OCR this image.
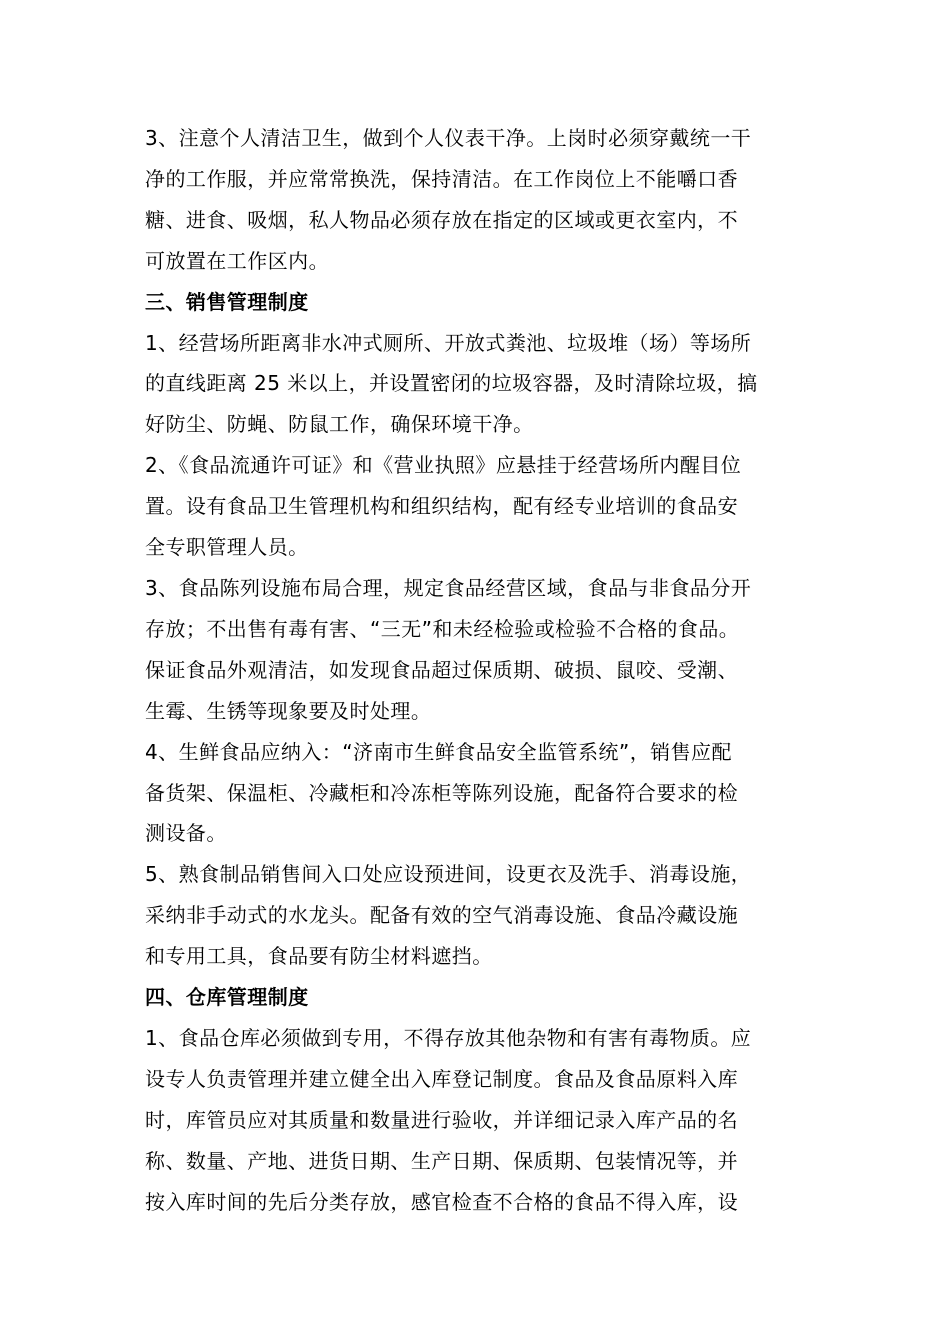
3、注意个人清洁卫生，做到个人仪表干净。上岗时必须穿戴统一干
净的工作服，并应常常换洗，保持清洁。在工作岗位上不能嚼口香
糖、进食、吸烟，私人物品必须存放在指定的区域或更衣室内，不
可放置在工作区内。

三、销售管理制度

1、经营场所距离非水冲式厕所、开放式粪池、垃圾堆（场）等场所
的直线距离 25 米以上，并设置密闭的垃圾容器，及时清除垃圾，搞
好防尘、防蝇、防鼠工作，确保环境干净。

2、《食品流通许可证》和《营业执照》应悬挂于经营场所内醒目位
置。设有食品卫生管理机构和组织结构，配有经专业培训的食品安
全专职管理人员。

3、食品陈列设施布局合理，规定食品经营区域，食品与非食品分开
存放；不出售有毒有害、“三无”和未经检验或检验不合格的食品。
保证食品外观清洁，如发现食品超过保质期、破损、鼠咬、受潮、
生霉、生锈等现象要及时处理。

4、生鲜食品应纳入：“济南市生鲜食品安全监管系统”，销售应配
备货架、保温柜、冷藏柜和冷冻柜等陈列设施，配备符合要求的检
测设备。

5、熟食制品销售间入口处应设预进间，设更衣及洗手、消毒设施，
采纳非手动式的水龙头。配备有效的空气消毒设施、食品冷藏设施
和专用工具，食品要有防尘材料遮挡。

四、仓库管理制度

1、食品仓库必须做到专用，不得存放其他杂物和有害有毒物质。应
设专人负责管理并建立健全出入库登记制度。食品及食品原料入库
时，库管员应对其质量和数量进行验收，并详细记录入库产品的名
称、数量、产地、进货日期、生产日期、保质期、包装情况等，并
按入库时间的先后分类存放，感官检查不合格的食品不得入库，设
